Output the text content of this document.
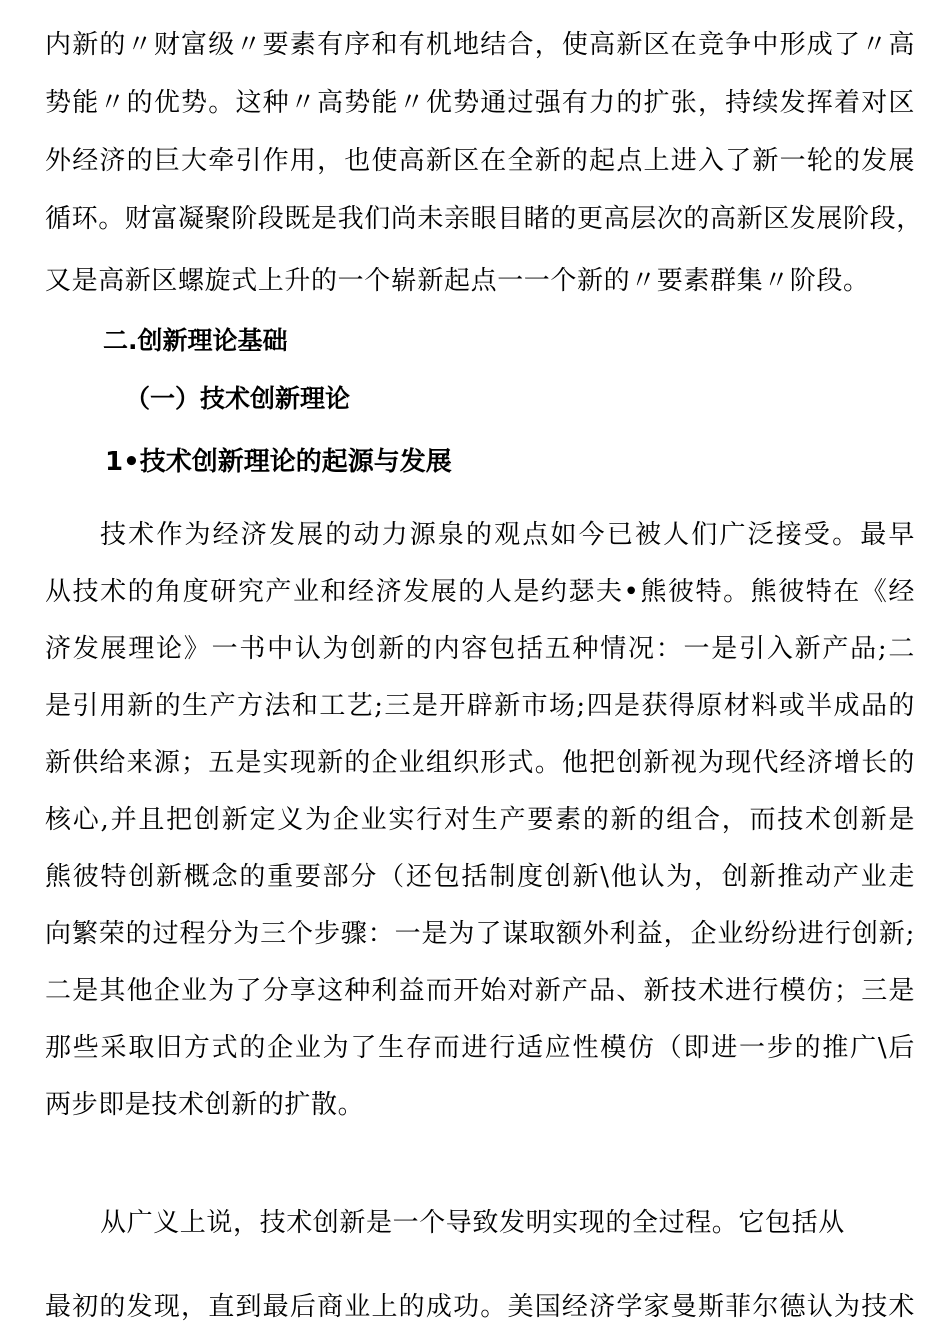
内新的〃财富级〃要素有序和有机地结合，使高新区在竞争中形成了〃高
势能〃的优势。这种〃高势能〃优势通过强有力的扩张，持续发挥着对区
外经济的巨大牵引作用，也使高新区在全新的起点上进入了新一轮的发展
循环。财富凝聚阶段既是我们尚未亲眼目睹的更高层次的高新区发展阶段，
又是高新区螺旋式上升的一个崭新起点一一个新的〃要素群集〃阶段。
二.创新理论基础
（一）技术创新理论
1•技术创新理论的起源与发展
技术作为经济发展的动力源泉的观点如今已被人们广泛接受。最早
从技术的角度研究产业和经济发展的人是约瑟夫•熊彼特。熊彼特在《经
济发展理论》一书中认为创新的内容包括五种情况：一是引入新产品;二
是引用新的生产方法和工艺;三是开辟新市场;四是获得原材料或半成品的
新供给来源；五是实现新的企业组织形式。他把创新视为现代经济增长的
核心,并且把创新定义为企业实行对生产要素的新的组合，而技术创新是
熊彼特创新概念的重要部分（还包括制度创新\他认为，创新推动产业走
向繁荣的过程分为三个步骤：一是为了谋取额外利益，企业纷纷进行创新;
二是其他企业为了分享这种利益而开始对新产品、新技术进行模仿；三是
那些采取旧方式的企业为了生存而进行适应性模仿（即进一步的推广\后
两步即是技术创新的扩散。
从广义上说，技术创新是一个导致发明实现的全过程。它包括从
最初的发现，直到最后商业上的成功。美国经济学家曼斯菲尔德认为技术
